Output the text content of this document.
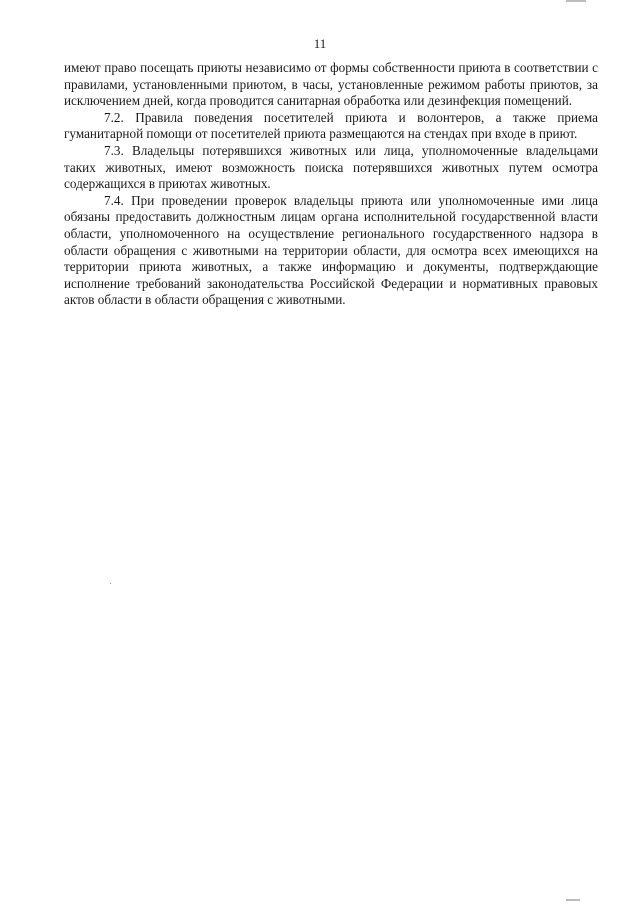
11

имеют право посещать приюты независимо от формы собственности приюта в соответствии с правилами, установленными приютом, в часы, установленные режимом работы приютов, за исключением дней, когда проводится санитарная обработка или дезинфекция помещений.

7.2. Правила поведения посетителей приюта и волонтеров, а также приема гуманитарной помощи от посетителей приюта размещаются на стендах при входе в приют.

7.3. Владельцы потерявшихся животных или лица, уполномоченные владельцами таких животных, имеют возможность поиска потерявшихся животных путем осмотра содержащихся в приютах животных.

7.4. При проведении проверок владельцы приюта или уполномоченные ими лица обязаны предоставить должностным лицам органа исполнительной государственной власти области, уполномоченного на осуществление регионального государственного надзора в области обращения с животными на территории области, для осмотра всех имеющихся на территории приюта животных, а также информацию и документы, подтверждающие исполнение требований законодательства Российской Федерации и нормативных правовых актов области в области обращения с животными.
